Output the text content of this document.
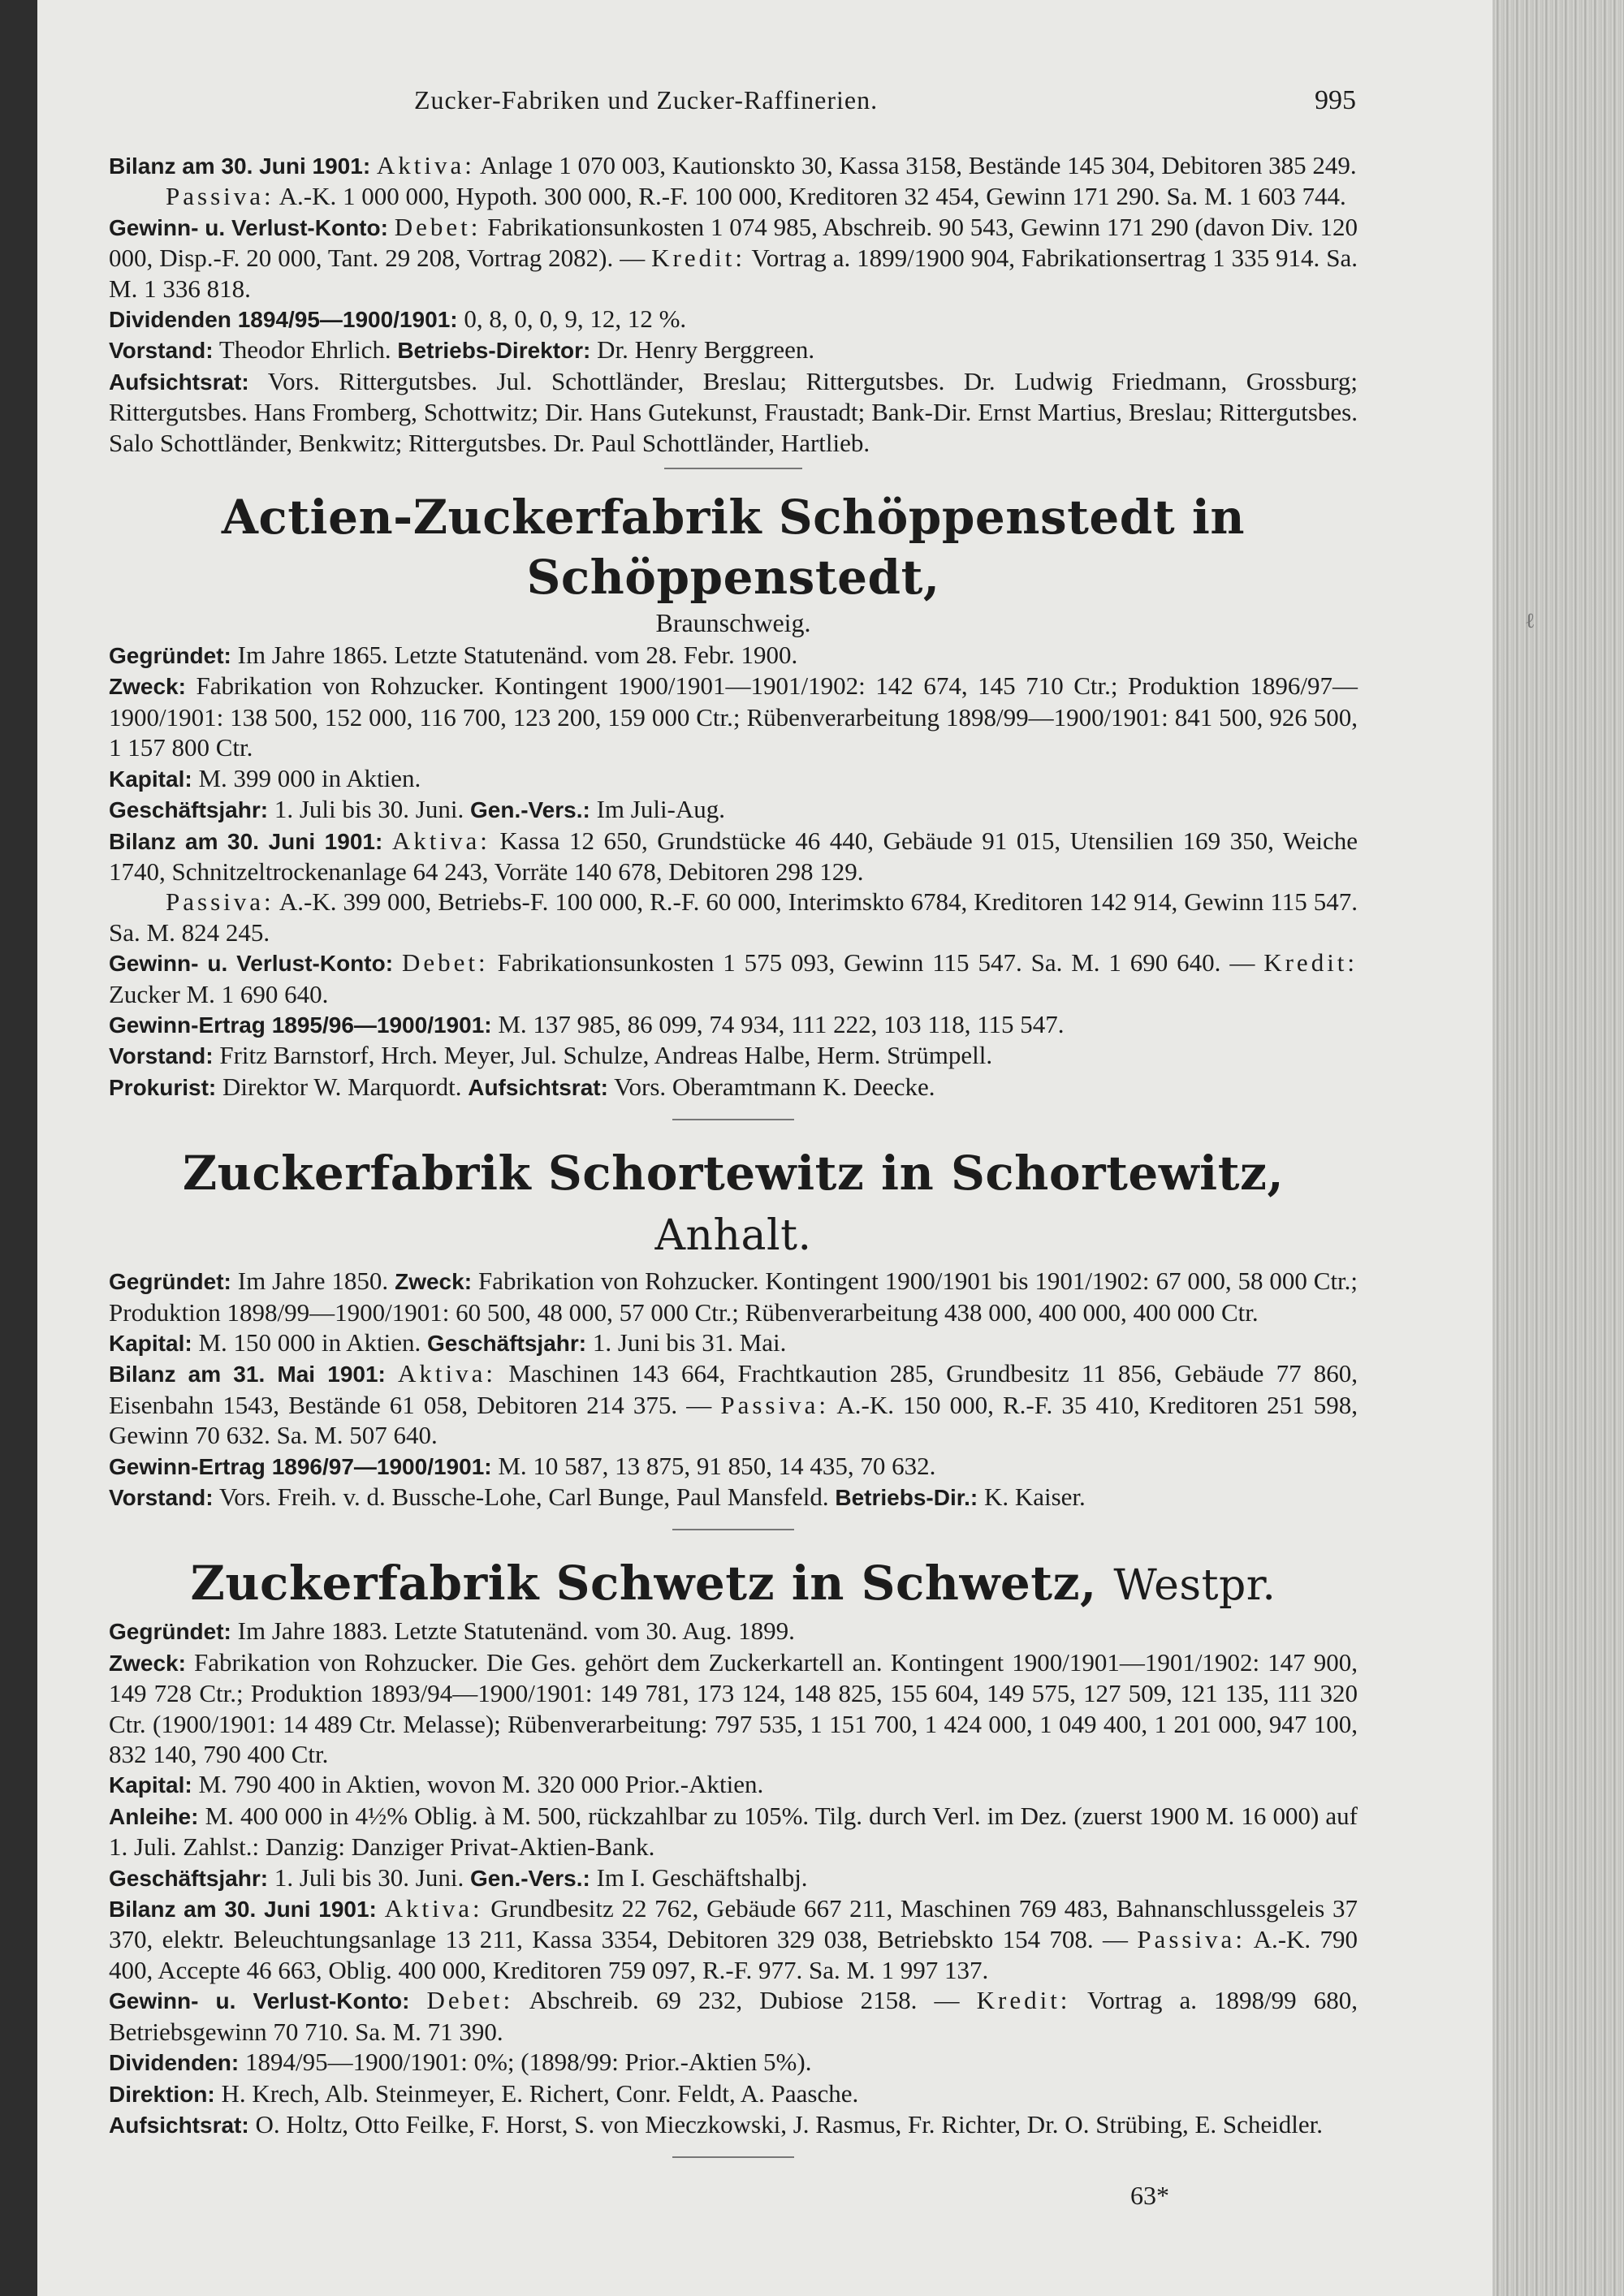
ℓ
Zucker-Fabriken und Zucker-Raffinerien.	995
Bilanz am 30. Juni 1901: Aktiva: Anlage 1 070 003, Kautionskto 30, Kassa 3158, Bestände 145 304, Debitoren 385 249.
Passiva: A.-K. 1 000 000, Hypoth. 300 000, R.-F. 100 000, Kreditoren 32 454, Gewinn 171 290. Sa. M. 1 603 744.
Gewinn- u. Verlust-Konto: Debet: Fabrikationsunkosten 1 074 985, Abschreib. 90 543, Gewinn 171 290 (davon Div. 120 000, Disp.-F. 20 000, Tant. 29 208, Vortrag 2082). — Kredit: Vortrag a. 1899/1900 904, Fabrikationsertrag 1 335 914. Sa. M. 1 336 818.
Dividenden 1894/95—1900/1901: 0, 8, 0, 0, 9, 12, 12 %.
Vorstand: Theodor Ehrlich. Betriebs-Direktor: Dr. Henry Berggreen.
Aufsichtsrat: Vors. Rittergutsbes. Jul. Schottländer, Breslau; Rittergutsbes. Dr. Ludwig Friedmann, Grossburg; Rittergutsbes. Hans Fromberg, Schottwitz; Dir. Hans Gutekunst, Fraustadt; Bank-Dir. Ernst Martius, Breslau; Rittergutsbes. Salo Schottländer, Benkwitz; Rittergutsbes. Dr. Paul Schottländer, Hartlieb.
Actien-Zuckerfabrik Schöppenstedt in Schöppenstedt,
Braunschweig.
Gegründet: Im Jahre 1865. Letzte Statutenänd. vom 28. Febr. 1900.
Zweck: Fabrikation von Rohzucker. Kontingent 1900/1901—1901/1902: 142 674, 145 710 Ctr.; Produktion 1896/97—1900/1901: 138 500, 152 000, 116 700, 123 200, 159 000 Ctr.; Rübenverarbeitung 1898/99—1900/1901: 841 500, 926 500, 1 157 800 Ctr.
Kapital: M. 399 000 in Aktien.
Geschäftsjahr: 1. Juli bis 30. Juni. Gen.-Vers.: Im Juli-Aug.
Bilanz am 30. Juni 1901: Aktiva: Kassa 12 650, Grundstücke 46 440, Gebäude 91 015, Utensilien 169 350, Weiche 1740, Schnitzeltrockenanlage 64 243, Vorräte 140 678, Debitoren 298 129.
Passiva: A.-K. 399 000, Betriebs-F. 100 000, R.-F. 60 000, Interimskto 6784, Kreditoren 142 914, Gewinn 115 547. Sa. M. 824 245.
Gewinn- u. Verlust-Konto: Debet: Fabrikationsunkosten 1 575 093, Gewinn 115 547. Sa. M. 1 690 640. — Kredit: Zucker M. 1 690 640.
Gewinn-Ertrag 1895/96—1900/1901: M. 137 985, 86 099, 74 934, 111 222, 103 118, 115 547.
Vorstand: Fritz Barnstorf, Hrch. Meyer, Jul. Schulze, Andreas Halbe, Herm. Strümpell.
Prokurist: Direktor W. Marquordt. Aufsichtsrat: Vors. Oberamtmann K. Deecke.
Zuckerfabrik Schortewitz in Schortewitz, Anhalt.
Gegründet: Im Jahre 1850. Zweck: Fabrikation von Rohzucker. Kontingent 1900/1901 bis 1901/1902: 67 000, 58 000 Ctr.; Produktion 1898/99—1900/1901: 60 500, 48 000, 57 000 Ctr.; Rübenverarbeitung 438 000, 400 000, 400 000 Ctr.
Kapital: M. 150 000 in Aktien. Geschäftsjahr: 1. Juni bis 31. Mai.
Bilanz am 31. Mai 1901: Aktiva: Maschinen 143 664, Frachtkaution 285, Grundbesitz 11 856, Gebäude 77 860, Eisenbahn 1543, Bestände 61 058, Debitoren 214 375. — Passiva: A.-K. 150 000, R.-F. 35 410, Kreditoren 251 598, Gewinn 70 632. Sa. M. 507 640.
Gewinn-Ertrag 1896/97—1900/1901: M. 10 587, 13 875, 91 850, 14 435, 70 632.
Vorstand: Vors. Freih. v. d. Bussche-Lohe, Carl Bunge, Paul Mansfeld. Betriebs-Dir.: K. Kaiser.
Zuckerfabrik Schwetz in Schwetz, Westpr.
Gegründet: Im Jahre 1883. Letzte Statutenänd. vom 30. Aug. 1899.
Zweck: Fabrikation von Rohzucker. Die Ges. gehört dem Zuckerkartell an. Kontingent 1900/1901—1901/1902: 147 900, 149 728 Ctr.; Produktion 1893/94—1900/1901: 149 781, 173 124, 148 825, 155 604, 149 575, 127 509, 121 135, 111 320 Ctr. (1900/1901: 14 489 Ctr. Melasse); Rübenverarbeitung: 797 535, 1 151 700, 1 424 000, 1 049 400, 1 201 000, 947 100, 832 140, 790 400 Ctr.
Kapital: M. 790 400 in Aktien, wovon M. 320 000 Prior.-Aktien.
Anleihe: M. 400 000 in 4½% Oblig. à M. 500, rückzahlbar zu 105%. Tilg. durch Verl. im Dez. (zuerst 1900 M. 16 000) auf 1. Juli. Zahlst.: Danzig: Danziger Privat-Aktien-Bank.
Geschäftsjahr: 1. Juli bis 30. Juni. Gen.-Vers.: Im I. Geschäftshalbj.
Bilanz am 30. Juni 1901: Aktiva: Grundbesitz 22 762, Gebäude 667 211, Maschinen 769 483, Bahnanschlussgeleis 37 370, elektr. Beleuchtungsanlage 13 211, Kassa 3354, Debitoren 329 038, Betriebskto 154 708. — Passiva: A.-K. 790 400, Accepte 46 663, Oblig. 400 000, Kreditoren 759 097, R.-F. 977. Sa. M. 1 997 137.
Gewinn- u. Verlust-Konto: Debet: Abschreib. 69 232, Dubiose 2158. — Kredit: Vortrag a. 1898/99 680, Betriebsgewinn 70 710. Sa. M. 71 390.
Dividenden: 1894/95—1900/1901: 0%; (1898/99: Prior.-Aktien 5%).
Direktion: H. Krech, Alb. Steinmeyer, E. Richert, Conr. Feldt, A. Paasche.
Aufsichtsrat: O. Holtz, Otto Feilke, F. Horst, S. von Mieczkowski, J. Rasmus, Fr. Richter, Dr. O. Strübing, E. Scheidler.
63*
